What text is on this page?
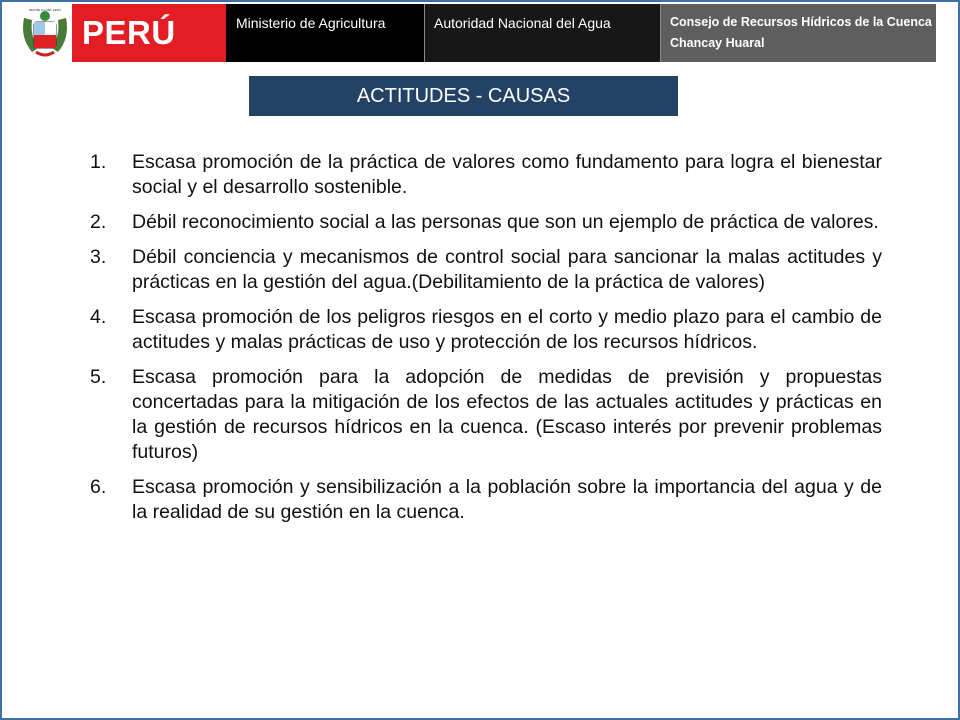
REPÚBLICA DEL PERÚ
PERÚ	Ministerio de Agricultura	Autoridad Nacional del Agua	Consejo de Recursos Hídricos de la Cuenca Chancay Huaral
ACTITUDES - CAUSAS
1.	Escasa promoción de la práctica de valores como fundamento para logra el bienestar social y el desarrollo sostenible.
2.	Débil reconocimiento social a las personas que son un ejemplo de práctica de valores.
3.	Débil conciencia y mecanismos de control social para sancionar la malas actitudes y prácticas en la gestión del agua.(Debilitamiento de la práctica de valores)
4.	Escasa promoción de los peligros riesgos en el corto y medio plazo para el cambio de actitudes y malas prácticas de uso y protección de los recursos hídricos.
5.	Escasa promoción para la adopción de medidas de previsión y propuestas concertadas para la mitigación de los efectos de las actuales actitudes y prácticas en la gestión de recursos hídricos en la cuenca. (Escaso interés por prevenir problemas futuros)
6.	Escasa promoción y sensibilización a la población sobre la importancia del agua y de la realidad de su gestión en la cuenca.
